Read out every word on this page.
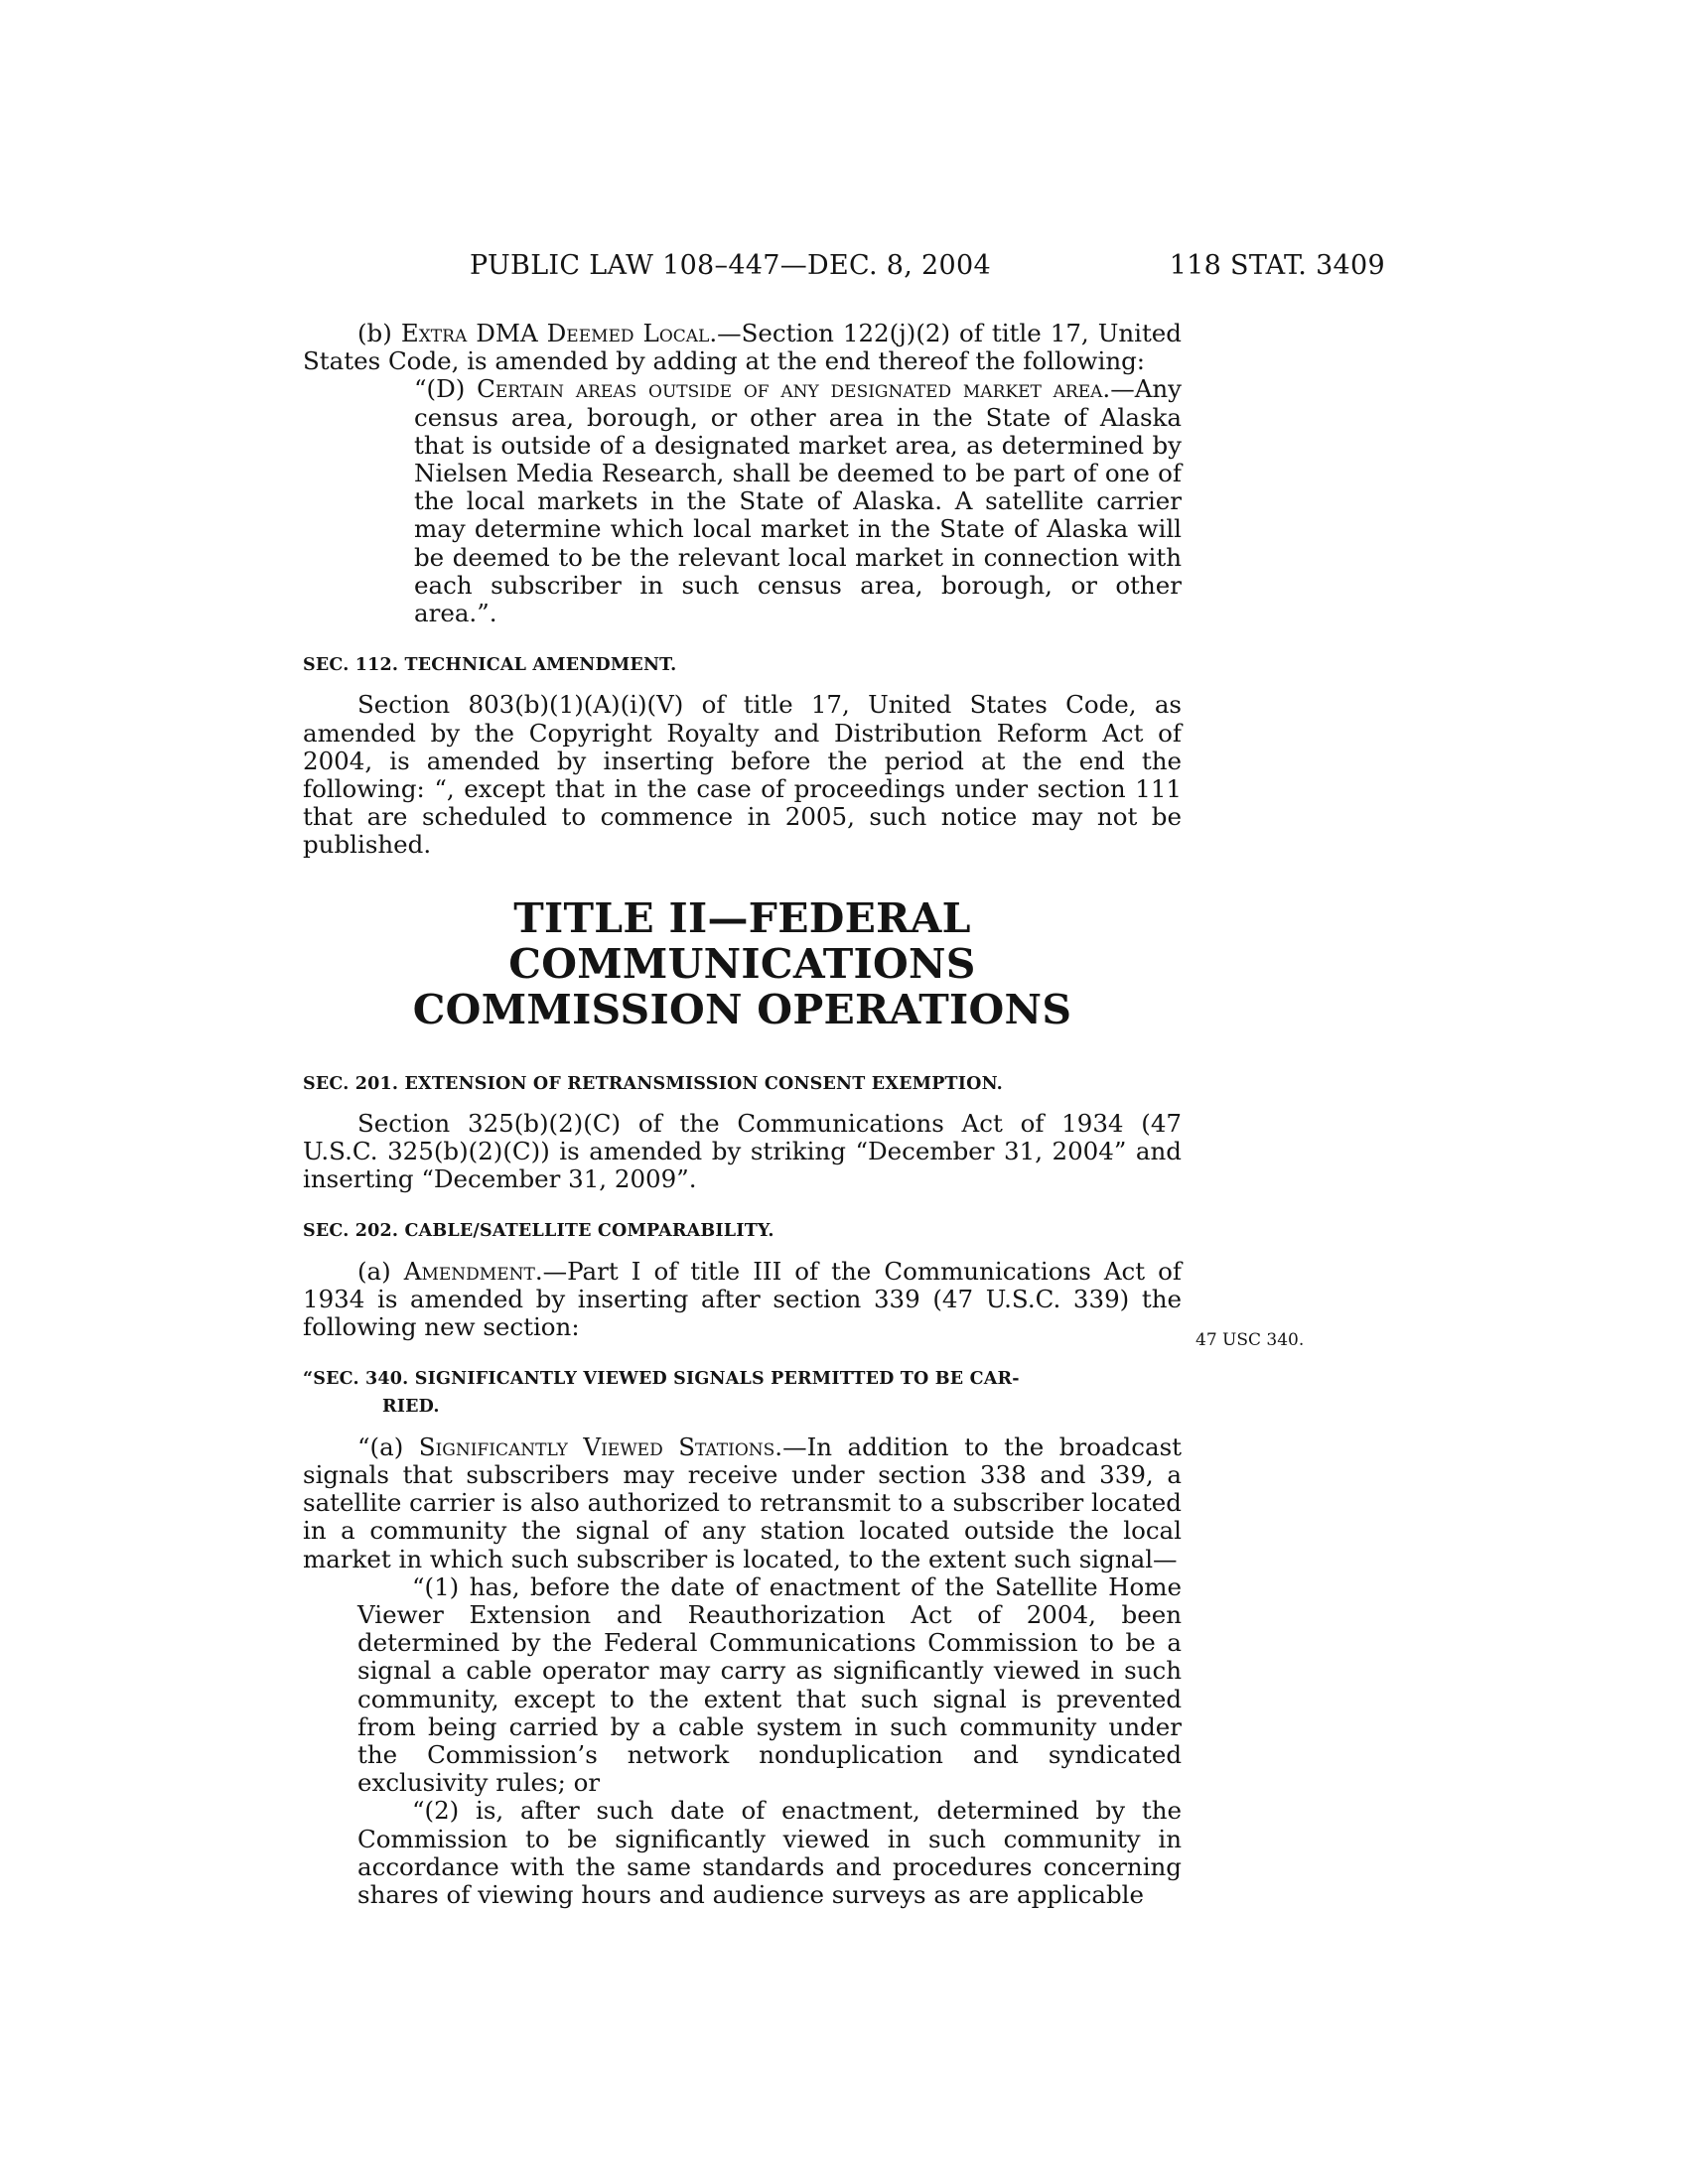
PUBLIC LAW 108–447—DEC. 8, 2004	118 STAT. 3409

(b) Extra DMA Deemed Local.—Section 122(j)(2) of title 17, United States Code, is amended by adding at the end thereof the following:

“(D) Certain areas outside of any designated market area.—Any census area, borough, or other area in the State of Alaska that is outside of a designated market area, as determined by Nielsen Media Research, shall be deemed to be part of one of the local markets in the State of Alaska. A satellite carrier may determine which local market in the State of Alaska will be deemed to be the relevant local market in connection with each subscriber in such census area, borough, or other area.”.

SEC. 112. TECHNICAL AMENDMENT.

Section 803(b)(1)(A)(i)(V) of title 17, United States Code, as amended by the Copyright Royalty and Distribution Reform Act of 2004, is amended by inserting before the period at the end the following: “, except that in the case of proceedings under section 111 that are scheduled to commence in 2005, such notice may not be published.

TITLE II—FEDERAL COMMUNICATIONS
COMMISSION OPERATIONS

SEC. 201. EXTENSION OF RETRANSMISSION CONSENT EXEMPTION.

Section 325(b)(2)(C) of the Communications Act of 1934 (47 U.S.C. 325(b)(2)(C)) is amended by striking “December 31, 2004” and inserting “December 31, 2009”.

SEC. 202. CABLE/SATELLITE COMPARABILITY.

(a) Amendment.—Part I of title III of the Communications Act of 1934 is amended by inserting after section 339 (47 U.S.C. 339) the following new section:

“SEC. 340. SIGNIFICANTLY VIEWED SIGNALS PERMITTED TO BE CAR-
RIED.

“(a) Significantly Viewed Stations.—In addition to the broadcast signals that subscribers may receive under section 338 and 339, a satellite carrier is also authorized to retransmit to a subscriber located in a community the signal of any station located outside the local market in which such subscriber is located, to the extent such signal—

“(1) has, before the date of enactment of the Satellite Home Viewer Extension and Reauthorization Act of 2004, been determined by the Federal Communications Commission to be a signal a cable operator may carry as significantly viewed in such community, except to the extent that such signal is prevented from being carried by a cable system in such community under the Commission’s network nonduplication and syndicated exclusivity rules; or

“(2) is, after such date of enactment, determined by the Commission to be significantly viewed in such community in accordance with the same standards and procedures concerning shares of viewing hours and audience surveys as are applicable

47 USC 340.
